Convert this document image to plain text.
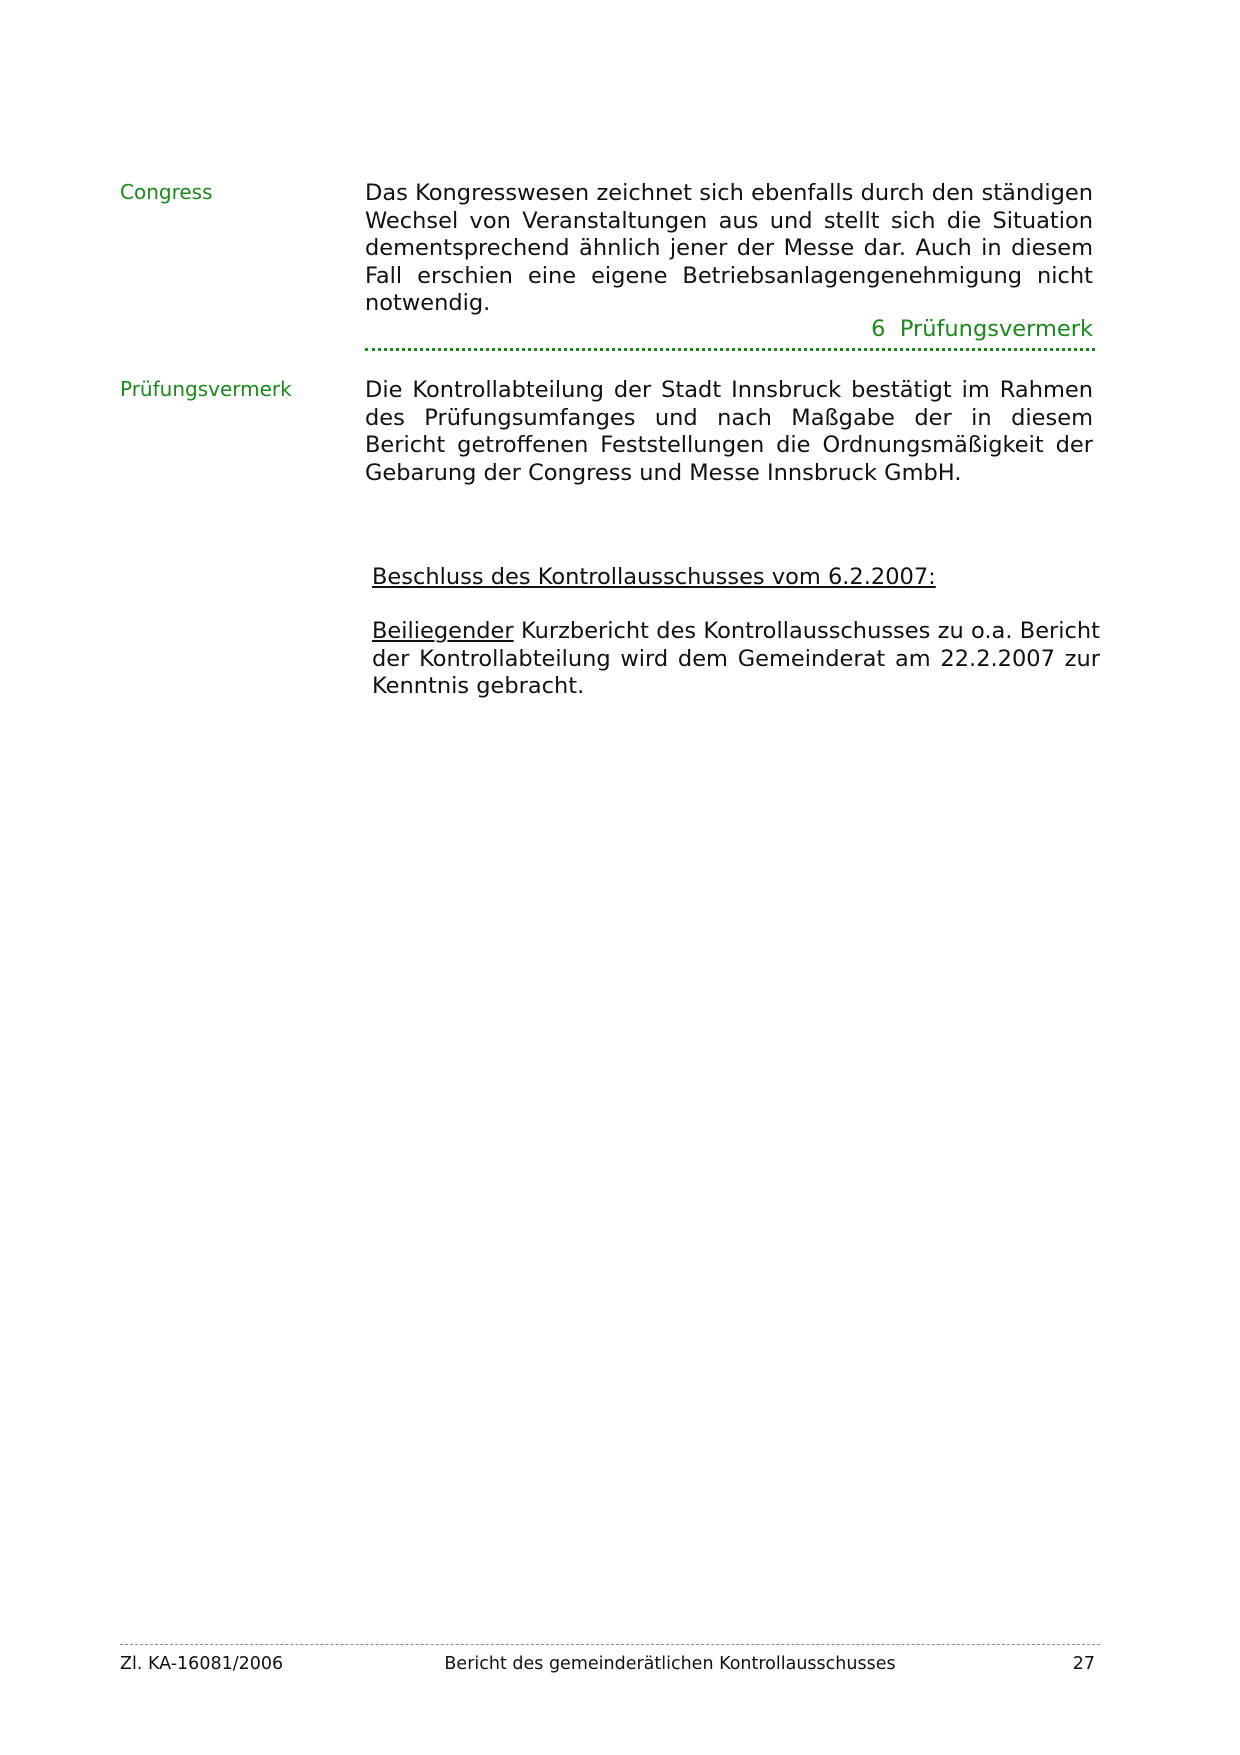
Congress	Das Kongresswesen zeichnet sich ebenfalls durch den ständigen Wechsel von Veranstaltungen aus und stellt sich die Situation dementsprechend ähnlich jener der Messe dar. Auch in diesem Fall erschien eine eigene Betriebsanlagengenehmigung nicht notwendig.
6 Prüfungsvermerk
Prüfungsvermerk	Die Kontrollabteilung der Stadt Innsbruck bestätigt im Rahmen des Prüfungsumfanges und nach Maßgabe der in diesem Bericht getroffenen Feststellungen die Ordnungsmäßigkeit der Gebarung der Congress und Messe Innsbruck GmbH.
Beschluss des Kontrollausschusses vom 6.2.2007:
Beiliegender Kurzbericht des Kontrollausschusses zu o.a. Bericht der Kontrollabteilung wird dem Gemeinderat am 22.2.2007 zur Kenntnis gebracht.
Zl. KA-16081/2006	Bericht des gemeinderätlichen Kontrollausschusses	27
